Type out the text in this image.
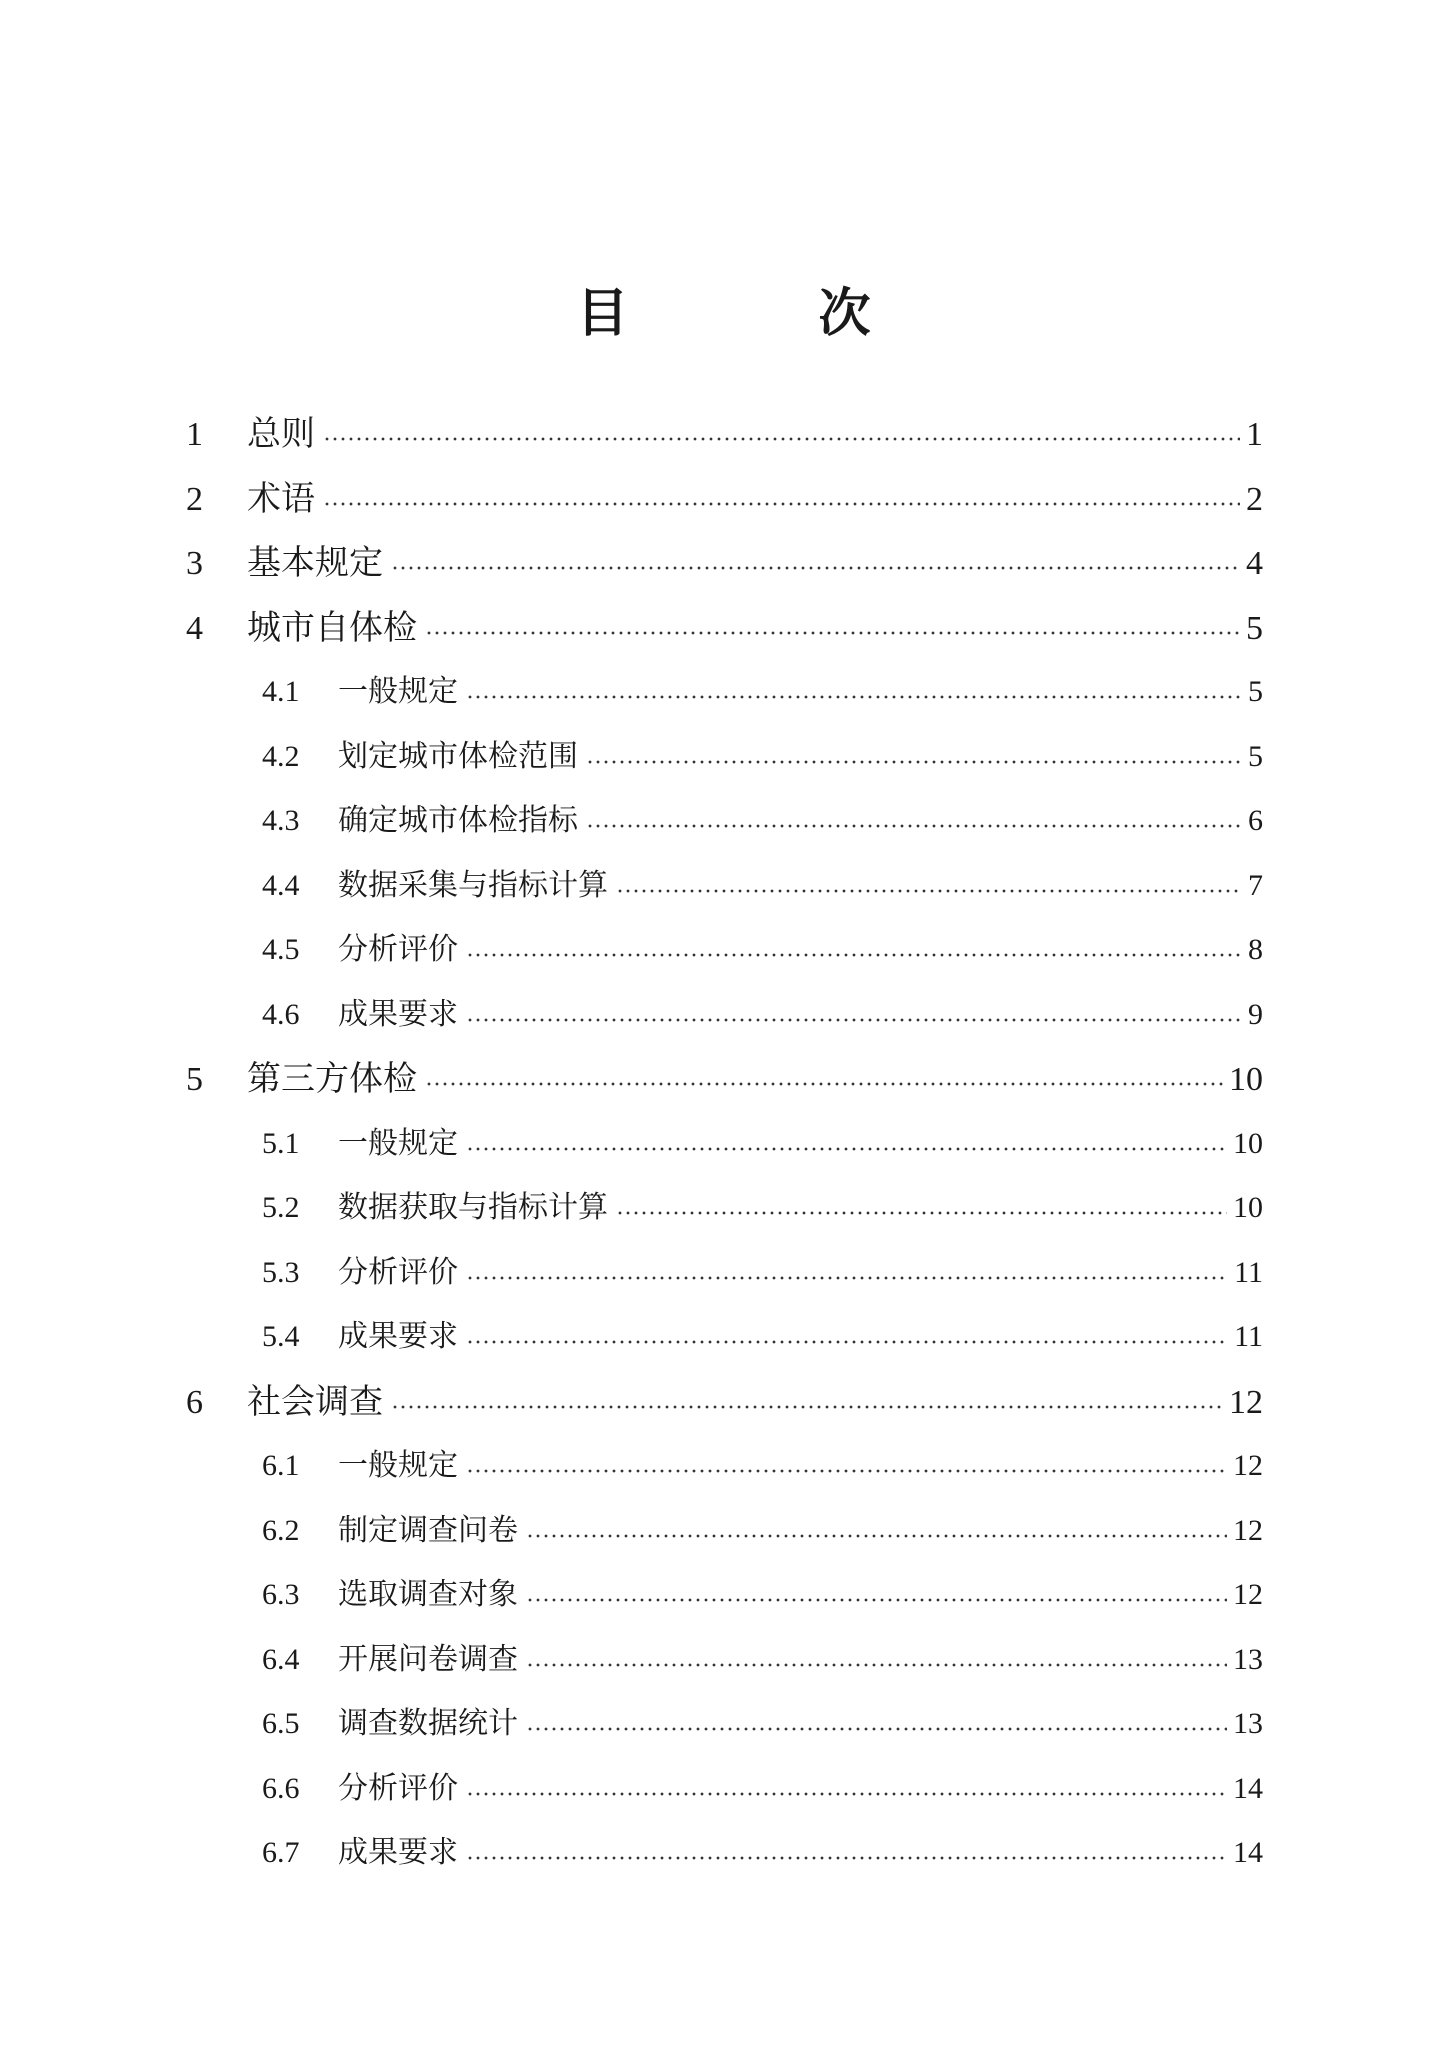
目 次
1	总则	1
2	术语	2
3	基本规定	4
4	城市自体检	5
4.1	一般规定	5
4.2	划定城市体检范围	5
4.3	确定城市体检指标	6
4.4	数据采集与指标计算	7
4.5	分析评价	8
4.6	成果要求	9
5	第三方体检	10
5.1	一般规定	10
5.2	数据获取与指标计算	10
5.3	分析评价	11
5.4	成果要求	11
6	社会调查	12
6.1	一般规定	12
6.2	制定调查问卷	12
6.3	选取调查对象	12
6.4	开展问卷调查	13
6.5	调查数据统计	13
6.6	分析评价	14
6.7	成果要求	14
